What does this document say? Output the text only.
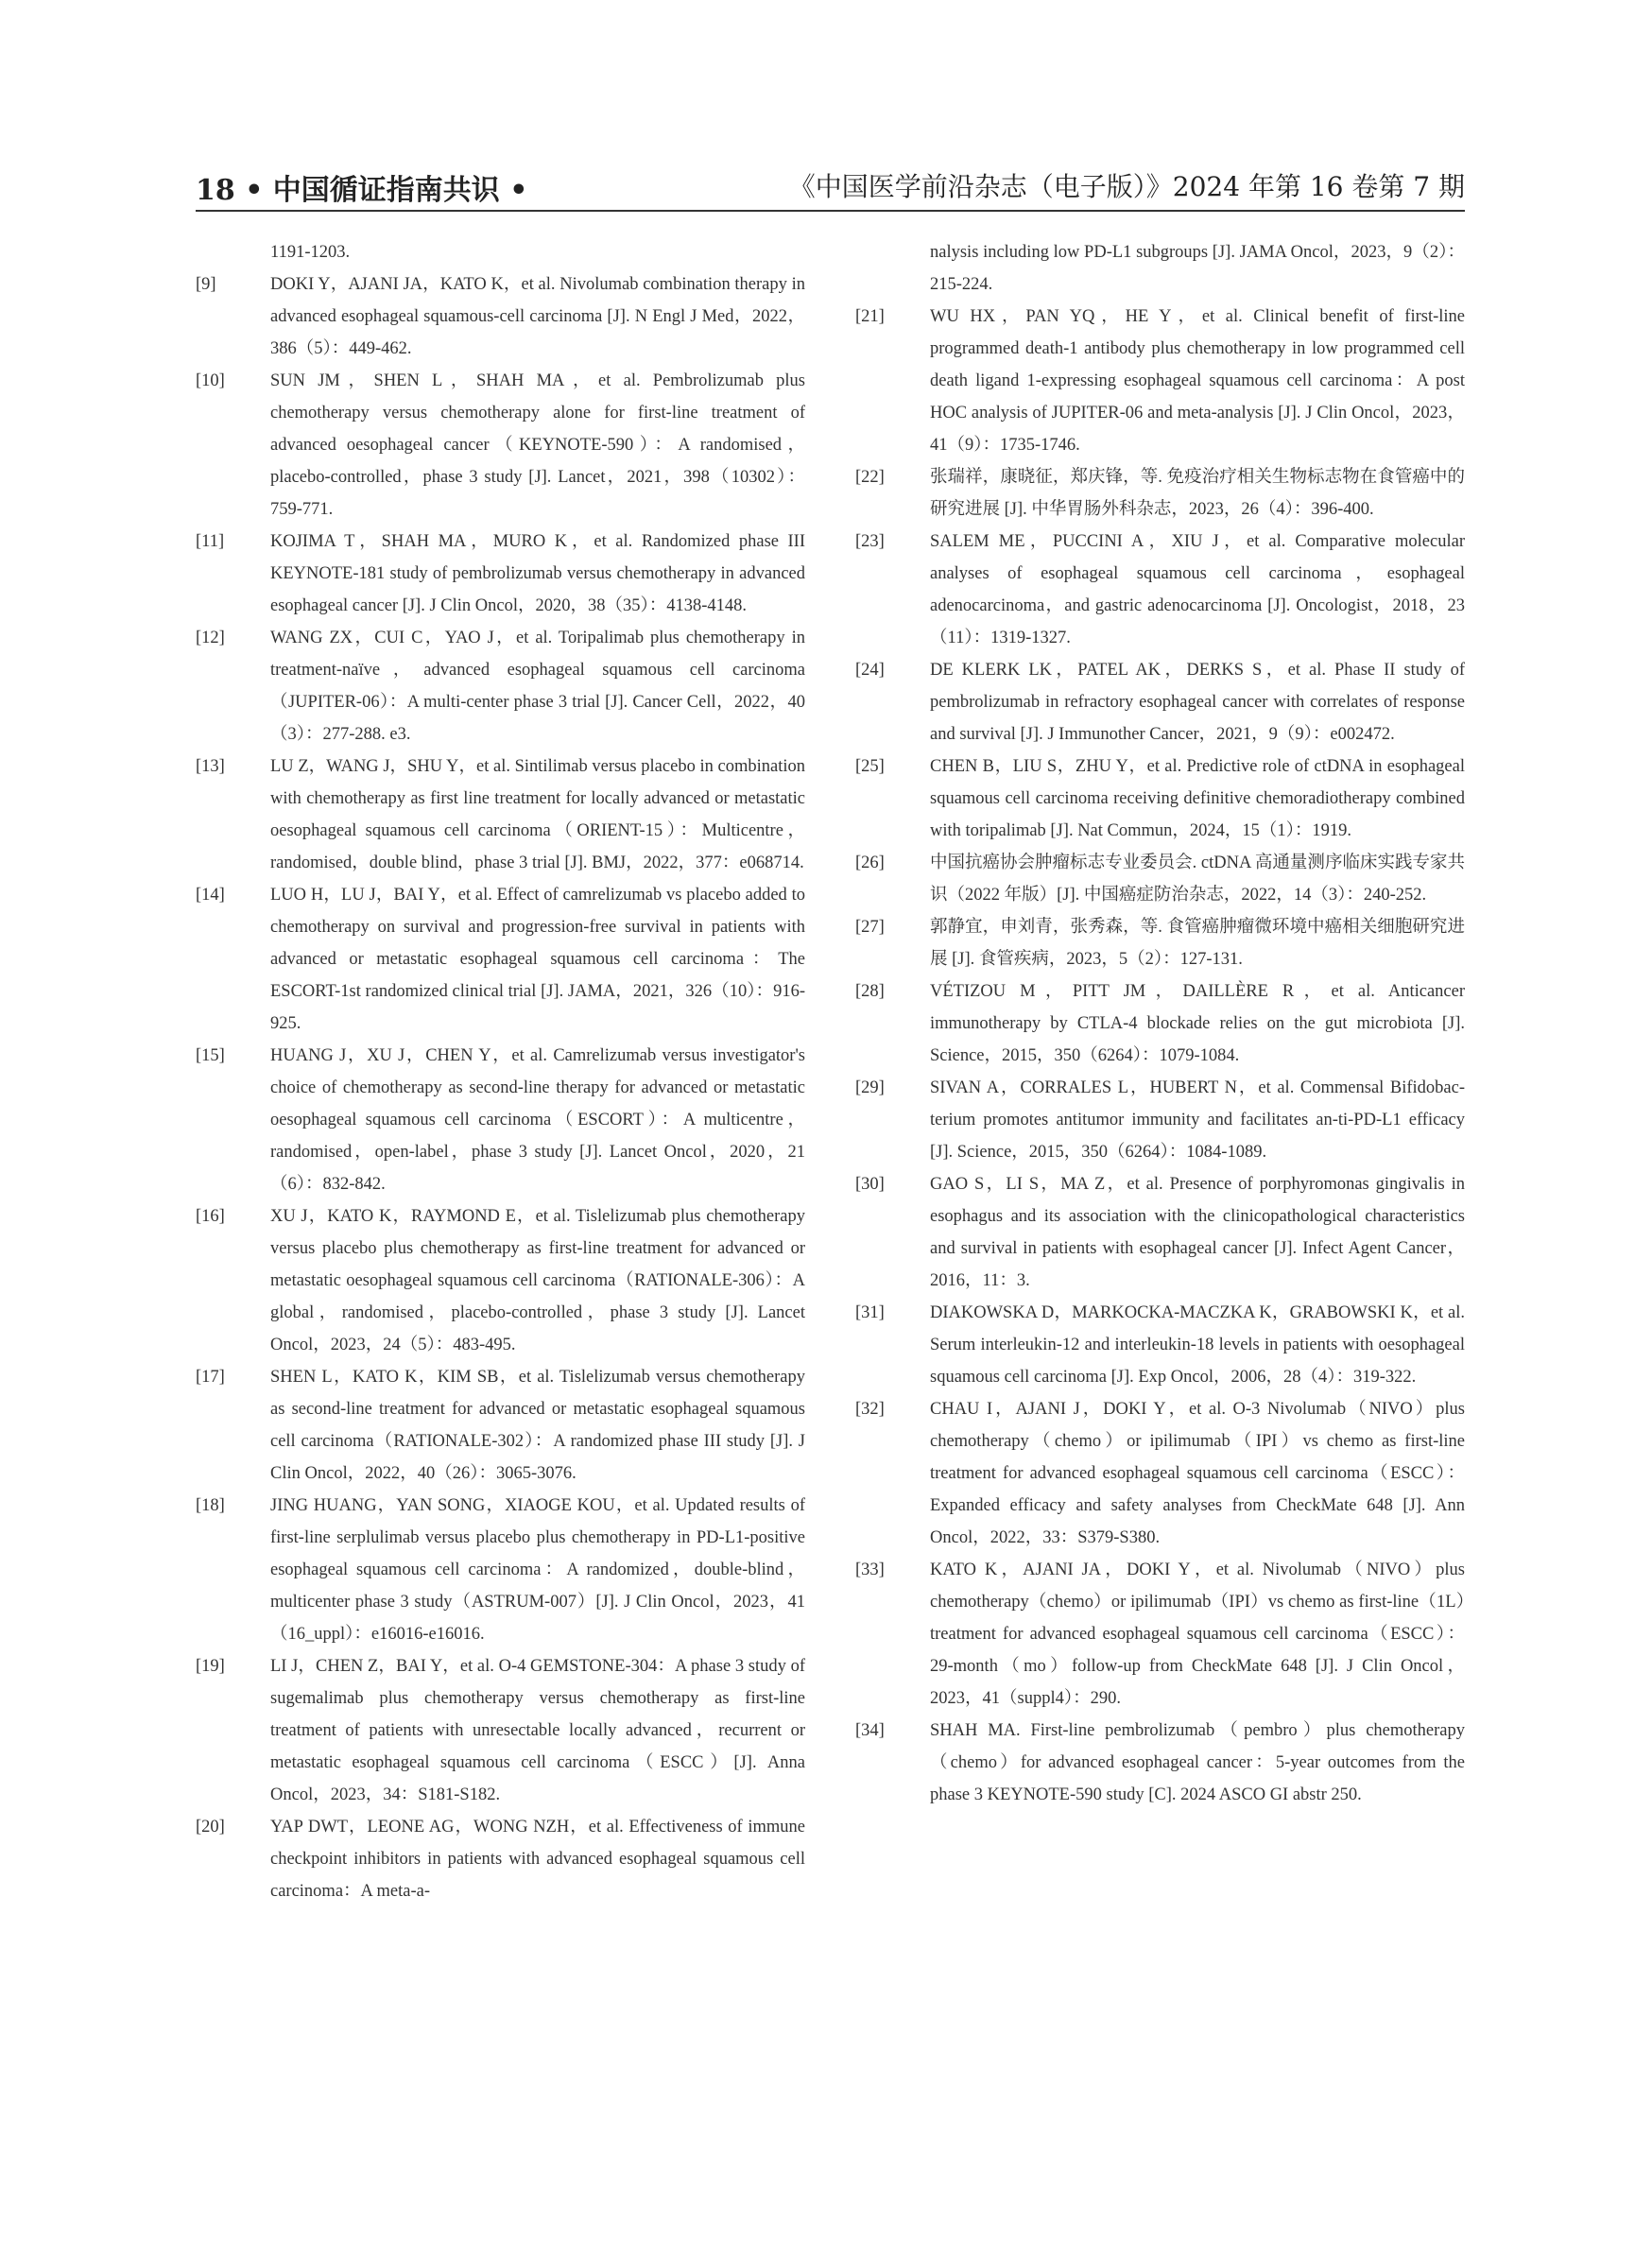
18 • 中国循证指南共识 •	《中国医学前沿杂志（电子版）》2024 年第 16 卷第 7 期
1191-1203.
[9]	DOKI Y，AJANI JA，KATO K，et al. Nivolumab combination therapy in advanced esophageal squamous-cell carcinoma [J]. N Engl J Med，2022，386（5）：449-462.
[10]	SUN JM，SHEN L，SHAH MA，et al. Pembrolizumab plus chemotherapy versus chemotherapy alone for first-line treatment of advanced oesophageal cancer（KEYNOTE-590）：A randomised，placebo-controlled，phase 3 study [J]. Lancet，2021，398（10302）：759-771.
[11]	KOJIMA T，SHAH MA，MURO K，et al. Randomized phase III KEYNOTE-181 study of pembrolizumab versus chemotherapy in advanced esophageal cancer [J]. J Clin Oncol，2020，38（35）：4138-4148.
[12]	WANG ZX，CUI C，YAO J，et al. Toripalimab plus chemotherapy in treatment-naïve，advanced esophageal squamous cell carcinoma（JUPITER-06）：A multi-center phase 3 trial [J]. Cancer Cell，2022，40（3）：277-288. e3.
[13]	LU Z，WANG J，SHU Y，et al. Sintilimab versus placebo in combination with chemotherapy as first line treatment for locally advanced or metastatic oesophageal squamous cell carcinoma（ORIENT-15）：Multicentre，randomised，double blind，phase 3 trial [J]. BMJ，2022，377：e068714.
[14]	LUO H，LU J，BAI Y，et al. Effect of camrelizumab vs placebo added to chemotherapy on survival and progression-free survival in patients with advanced or metastatic esophageal squamous cell carcinoma：The ESCORT-1st randomized clinical trial [J]. JAMA，2021，326（10）：916-925.
[15]	HUANG J，XU J，CHEN Y，et al. Camrelizumab versus investigator's choice of chemotherapy as second-line therapy for advanced or metastatic oesophageal squamous cell carcinoma（ESCORT）：A multicentre，randomised，open-label，phase 3 study [J]. Lancet Oncol，2020，21（6）：832-842.
[16]	XU J，KATO K，RAYMOND E，et al. Tislelizumab plus chemotherapy versus placebo plus chemotherapy as first-line treatment for advanced or metastatic oesophageal squamous cell carcinoma（RATIONALE-306）：A global，randomised，placebo-controlled，phase 3 study [J]. Lancet Oncol，2023，24（5）：483-495.
[17]	SHEN L，KATO K，KIM SB，et al. Tislelizumab versus chemotherapy as second-line treatment for advanced or metastatic esophageal squamous cell carcinoma（RATIONALE-302）：A randomized phase III study [J]. J Clin Oncol，2022，40（26）：3065-3076.
[18]	JING HUANG，YAN SONG，XIAOGE KOU，et al. Updated results of first-line serplulimab versus placebo plus chemotherapy in PD-L1-positive esophageal squamous cell carcinoma：A randomized，double-blind，multicenter phase 3 study（ASTRUM-007）[J]. J Clin Oncol，2023，41（16_uppl）：e16016-e16016.
[19]	LI J，CHEN Z，BAI Y，et al. O-4 GEMSTONE-304：A phase 3 study of sugemalimab plus chemotherapy versus chemotherapy as first-line treatment of patients with unresectable locally advanced，recurrent or metastatic esophageal squamous cell carcinoma（ESCC）[J]. Anna Oncol，2023，34：S181-S182.
[20]	YAP DWT，LEONE AG，WONG NZH，et al. Effectiveness of immune checkpoint inhibitors in patients with advanced esophageal squamous cell carcinoma：A meta-a-
nalysis including low PD-L1 subgroups [J]. JAMA Oncol，2023，9（2）：215-224.
[21]	WU HX，PAN YQ，HE Y，et al. Clinical benefit of first-line programmed death-1 antibody plus chemotherapy in low programmed cell death ligand 1-expressing esophageal squamous cell carcinoma：A post HOC analysis of JUPITER-06 and meta-analysis [J]. J Clin Oncol，2023，41（9）：1735-1746.
[22]	张瑞祥，康晓征，郑庆锋，等. 免疫治疗相关生物标志物在食管癌中的研究进展 [J]. 中华胃肠外科杂志，2023，26（4）：396-400.
[23]	SALEM ME，PUCCINI A，XIU J，et al. Comparative molecular analyses of esophageal squamous cell carcinoma，esophageal adenocarcinoma，and gastric adenocarcinoma [J]. Oncologist，2018，23（11）：1319-1327.
[24]	DE KLERK LK，PATEL AK，DERKS S，et al. Phase II study of pembrolizumab in refractory esophageal cancer with correlates of response and survival [J]. J Immunother Cancer，2021，9（9）：e002472.
[25]	CHEN B，LIU S，ZHU Y，et al. Predictive role of ctDNA in esophageal squamous cell carcinoma receiving definitive chemoradiotherapy combined with toripalimab [J]. Nat Commun，2024，15（1）：1919.
[26]	中国抗癌协会肿瘤标志专业委员会. ctDNA 高通量测序临床实践专家共识（2022 年版）[J]. 中国癌症防治杂志，2022，14（3）：240-252.
[27]	郭静宜，申刘青，张秀森，等. 食管癌肿瘤微环境中癌相关细胞研究进展 [J]. 食管疾病，2023，5（2）：127-131.
[28]	VÉTIZOU M，PITT JM，DAILLÈRE R，et al. Anticancer immunotherapy by CTLA-4 blockade relies on the gut microbiota [J]. Science，2015，350（6264）：1079-1084.
[29]	SIVAN A，CORRALES L，HUBERT N，et al. Commensal Bifidobac-terium promotes antitumor immunity and facilitates an-ti-PD-L1 efficacy [J]. Science，2015，350（6264）：1084-1089.
[30]	GAO S，LI S，MA Z，et al. Presence of porphyromonas gingivalis in esophagus and its association with the clinicopathological characteristics and survival in patients with esophageal cancer [J]. Infect Agent Cancer，2016，11：3.
[31]	DIAKOWSKA D，MARKOCKA-MACZKA K，GRABOWSKI K，et al. Serum interleukin-12 and interleukin-18 levels in patients with oesophageal squamous cell carcinoma [J]. Exp Oncol，2006，28（4）：319-322.
[32]	CHAU I，AJANI J，DOKI Y，et al. O-3 Nivolumab（NIVO）plus chemotherapy（chemo）or ipilimumab（IPI）vs chemo as first-line treatment for advanced esophageal squamous cell carcinoma（ESCC）：Expanded efficacy and safety analyses from CheckMate 648 [J]. Ann Oncol，2022，33：S379-S380.
[33]	KATO K，AJANI JA，DOKI Y，et al. Nivolumab（NIVO）plus chemotherapy（chemo）or ipilimumab（IPI）vs chemo as first-line（1L）treatment for advanced esophageal squamous cell carcinoma（ESCC）：29-month（mo）follow-up from CheckMate 648 [J]. J Clin Oncol，2023，41（suppl4）：290.
[34]	SHAH MA. First-line pembrolizumab（pembro）plus chemotherapy（chemo）for advanced esophageal cancer：5-year outcomes from the phase 3 KEYNOTE-590 study [C]. 2024 ASCO GI abstr 250.
